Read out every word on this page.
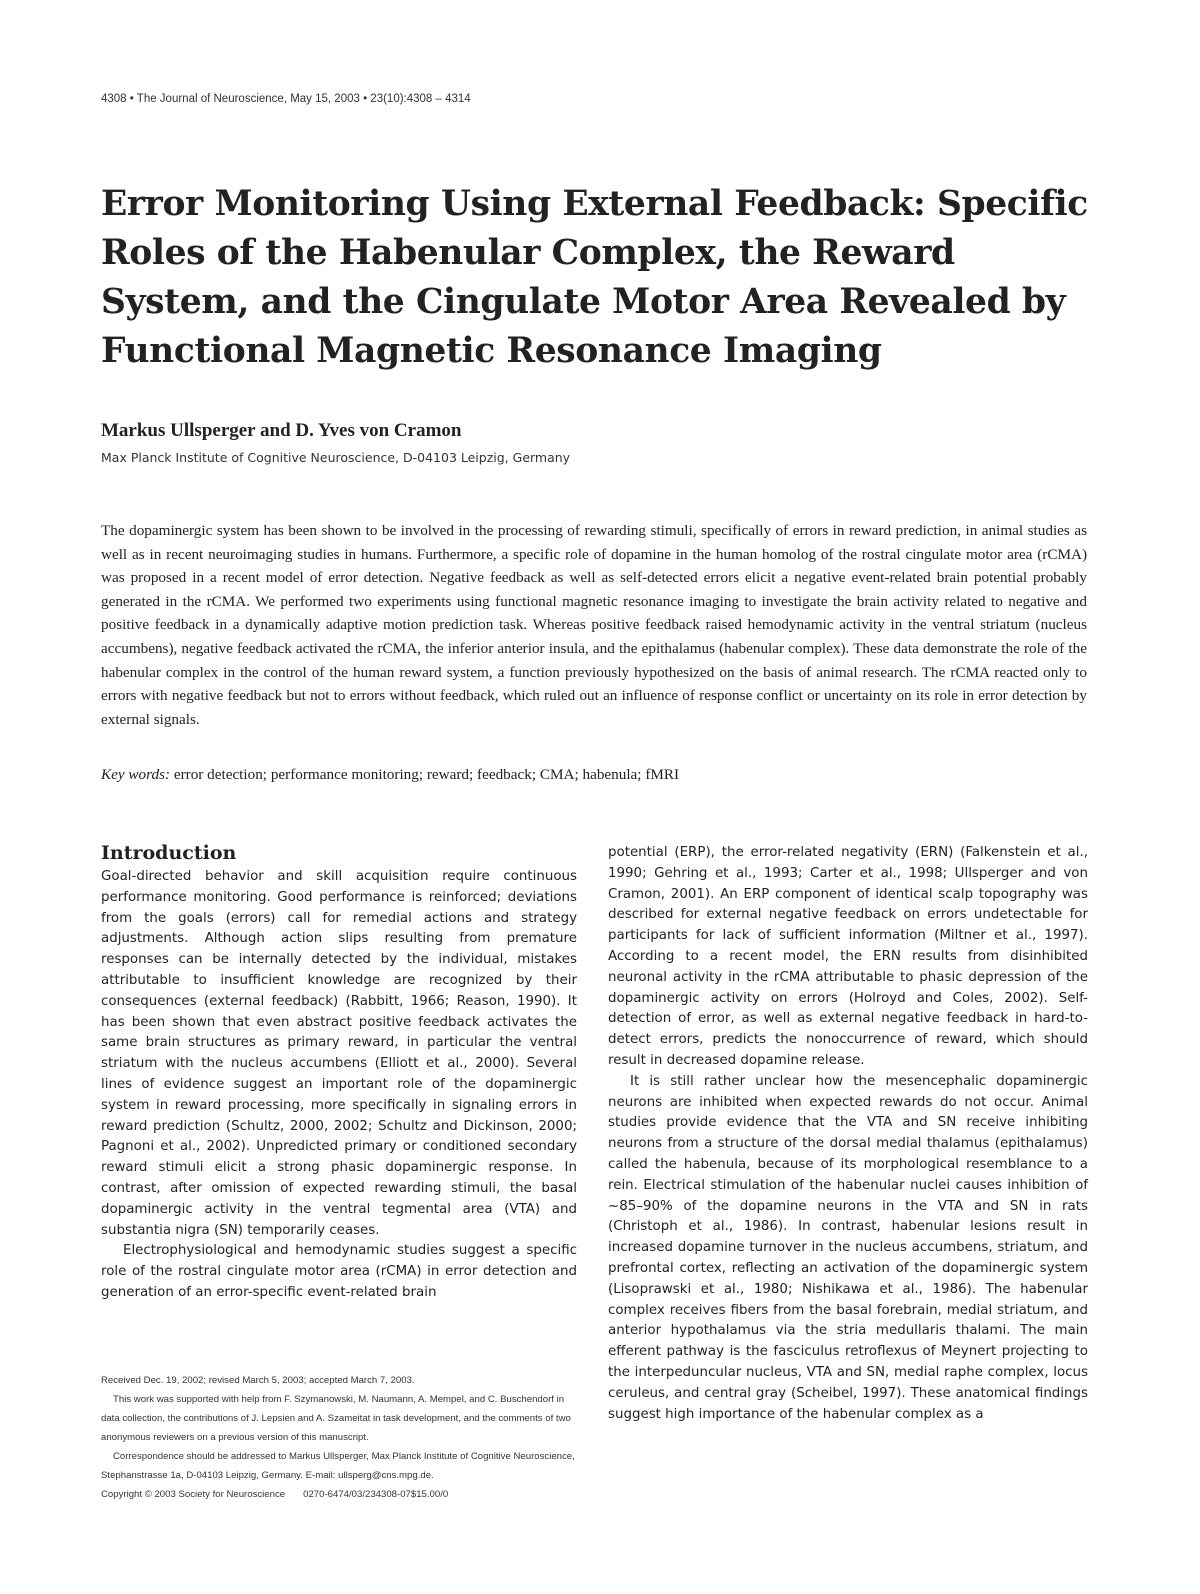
4308 • The Journal of Neuroscience, May 15, 2003 • 23(10):4308 – 4314
Error Monitoring Using External Feedback: Specific Roles of the Habenular Complex, the Reward System, and the Cingulate Motor Area Revealed by Functional Magnetic Resonance Imaging
Markus Ullsperger and D. Yves von Cramon
Max Planck Institute of Cognitive Neuroscience, D-04103 Leipzig, Germany

The dopaminergic system has been shown to be involved in the processing of rewarding stimuli, specifically of errors in reward prediction, in animal studies as well as in recent neuroimaging studies in humans. Furthermore, a specific role of dopamine in the human homolog of the rostral cingulate motor area (rCMA) was proposed in a recent model of error detection. Negative feedback as well as self-detected errors elicit a negative event-related brain potential probably generated in the rCMA. We performed two experiments using functional magnetic resonance imaging to investigate the brain activity related to negative and positive feedback in a dynamically adaptive motion prediction task. Whereas positive feedback raised hemodynamic activity in the ventral striatum (nucleus accumbens), negative feedback activated the rCMA, the inferior anterior insula, and the epithalamus (habenular complex). These data demonstrate the role of the habenular complex in the control of the human reward system, a function previously hypothesized on the basis of animal research. The rCMA reacted only to errors with negative feedback but not to errors without feedback, which ruled out an influence of response conflict or uncertainty on its role in error detection by external signals.

Key words: error detection; performance monitoring; reward; feedback; CMA; habenula; fMRI
Introduction

Goal-directed behavior and skill acquisition require continuous performance monitoring. Good performance is reinforced; deviations from the goals (errors) call for remedial actions and strategy adjustments. Although action slips resulting from premature responses can be internally detected by the individual, mistakes attributable to insufficient knowledge are recognized by their consequences (external feedback) (Rabbitt, 1966; Reason, 1990). It has been shown that even abstract positive feedback activates the same brain structures as primary reward, in particular the ventral striatum with the nucleus accumbens (Elliott et al., 2000). Several lines of evidence suggest an important role of the dopaminergic system in reward processing, more specifically in signaling errors in reward prediction (Schultz, 2000, 2002; Schultz and Dickinson, 2000; Pagnoni et al., 2002). Unpredicted primary or conditioned secondary reward stimuli elicit a strong phasic dopaminergic response. In contrast, after omission of expected rewarding stimuli, the basal dopaminergic activity in the ventral tegmental area (VTA) and substantia nigra (SN) temporarily ceases.

Electrophysiological and hemodynamic studies suggest a specific role of the rostral cingulate motor area (rCMA) in error detection and generation of an error-specific event-related brain

potential (ERP), the error-related negativity (ERN) (Falkenstein et al., 1990; Gehring et al., 1993; Carter et al., 1998; Ullsperger and von Cramon, 2001). An ERP component of identical scalp topography was described for external negative feedback on errors undetectable for participants for lack of sufficient information (Miltner et al., 1997). According to a recent model, the ERN results from disinhibited neuronal activity in the rCMA attributable to phasic depression of the dopaminergic activity on errors (Holroyd and Coles, 2002). Self-detection of error, as well as external negative feedback in hard-to-detect errors, predicts the nonoccurrence of reward, which should result in decreased dopamine release.

It is still rather unclear how the mesencephalic dopaminergic neurons are inhibited when expected rewards do not occur. Animal studies provide evidence that the VTA and SN receive inhibiting neurons from a structure of the dorsal medial thalamus (epithalamus) called the habenula, because of its morphological resemblance to a rein. Electrical stimulation of the habenular nuclei causes inhibition of ~85–90% of the dopamine neurons in the VTA and SN in rats (Christoph et al., 1986). In contrast, habenular lesions result in increased dopamine turnover in the nucleus accumbens, striatum, and prefrontal cortex, reflecting an activation of the dopaminergic system (Lisoprawski et al., 1980; Nishikawa et al., 1986). The habenular complex receives fibers from the basal forebrain, medial striatum, and anterior hypothalamus via the stria medullaris thalami. The main efferent pathway is the fasciculus retroflexus of Meynert projecting to the interpeduncular nucleus, VTA and SN, medial raphe complex, locus ceruleus, and central gray (Scheibel, 1997). These anatomical findings suggest high importance of the habenular complex as a

Received Dec. 19, 2002; revised March 5, 2003; accepted March 7, 2003.

This work was supported with help from F. Szymanowski, M. Naumann, A. Mempel, and C. Buschendorf in data collection, the contributions of J. Lepsien and A. Szameitat in task development, and the comments of two anonymous reviewers on a previous version of this manuscript.

Correspondence should be addressed to Markus Ullsperger, Max Planck Institute of Cognitive Neuroscience, Stephanstrasse 1a, D-04103 Leipzig, Germany. E-mail: ullsperg@cns.mpg.de.

Copyright © 2003 Society for Neuroscience 0270-6474/03/234308-07$15.00/0
